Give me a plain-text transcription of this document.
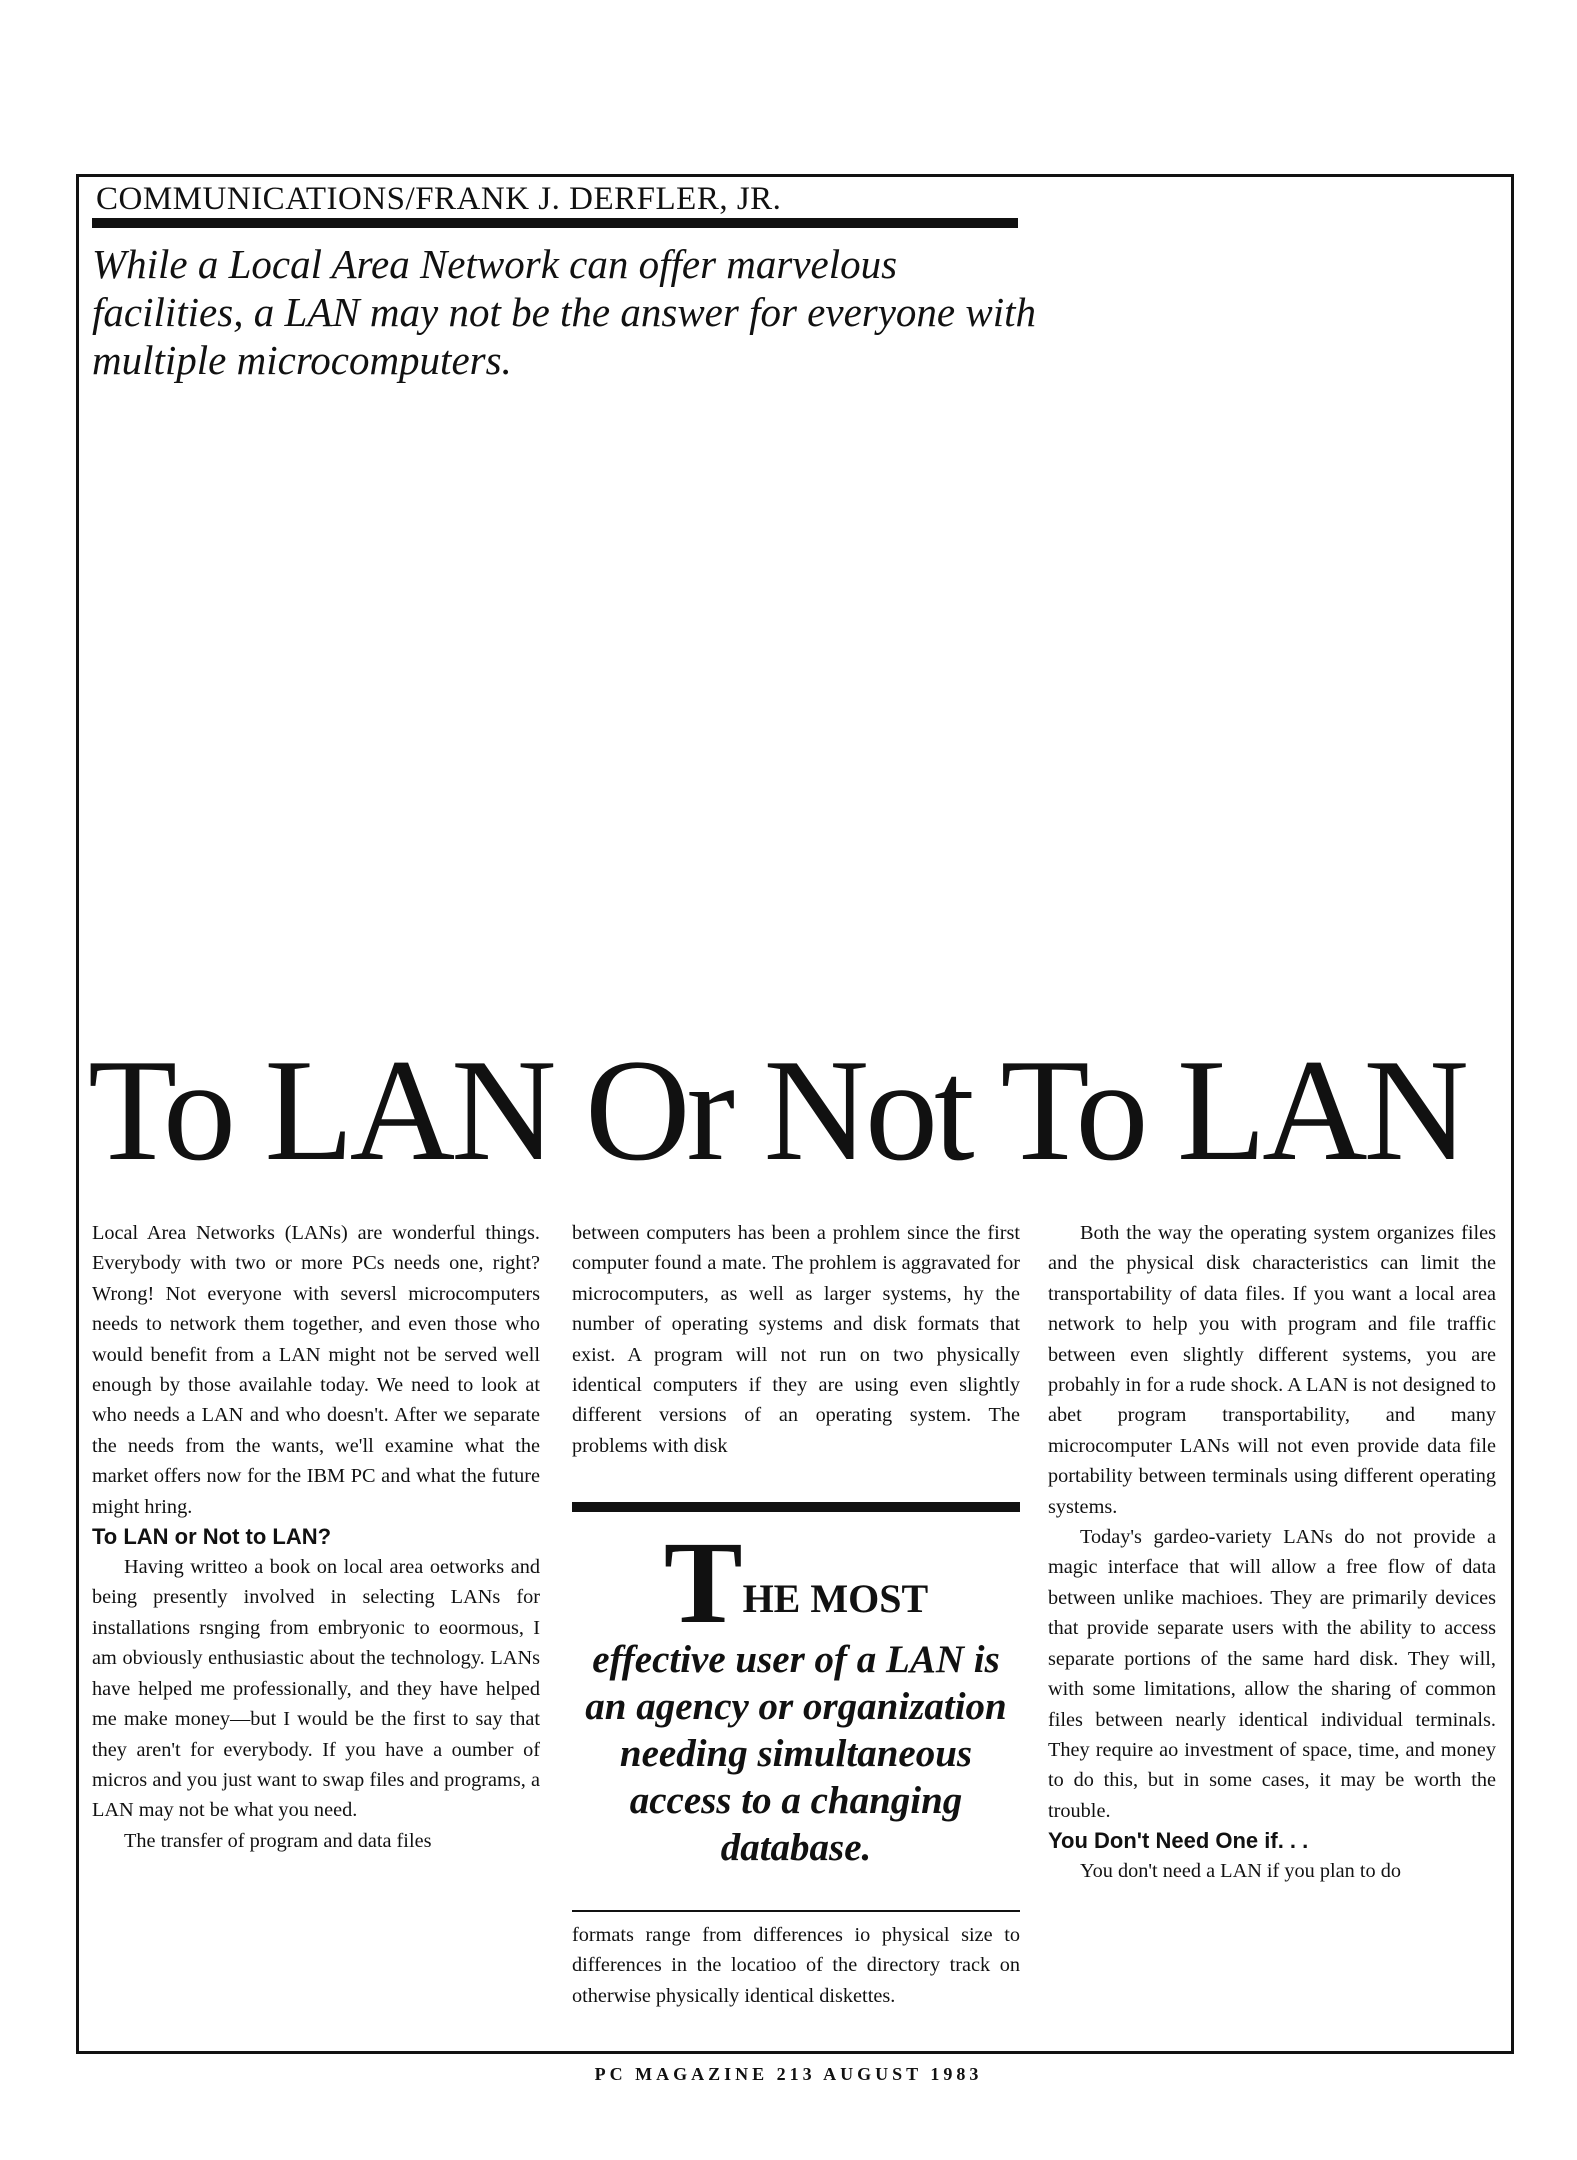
COMMUNICATIONS/FRANK J. DERFLER, JR.
While a Local Area Network can offer marvelous facilities, a LAN may not be the answer for everyone with multiple microcomputers.
To LAN Or Not To LAN

Local Area Networks (LANs) are wonderful things. Everybody with two or more PCs needs one, right? Wrong! Not everyone with seversl microcomputers needs to network them together, and even those who would benefit from a LAN might not be served well enough by those availahle today. We need to look at who needs a LAN and who doesn't. After we separate the needs from the wants, we'll examine what the market offers now for the IBM PC and what the future might hring.

To LAN or Not to LAN?

Having writteo a book on local area oetworks and being presently involved in selecting LANs for installations rsnging from embryonic to eoormous, I am obviously enthusiastic about the technology. LANs have helped me professionally, and they have helped me make money—but I would be the first to say that they aren't for everybody. If you have a oumber of micros and you just want to swap files and programs, a LAN may not be what you need.

The transfer of program and data files

between computers has been a prohlem since the first computer found a mate. The prohlem is aggravated for microcomputers, as well as larger systems, hy the number of operating systems and disk formats that exist. A program will not run on two physically identical computers if they are using even slightly different versions of an operating system. The problems with disk

THE MOST
effective user of a LAN is an agency or organization needing simultaneous access to a changing database.

formats range from differences io physical size to differences in the locatioo of the directory track on otherwise physically identical diskettes.

Both the way the operating system organizes files and the physical disk characteristics can limit the transportability of data files. If you want a local area network to help you with program and file traffic between even slightly different systems, you are probahly in for a rude shock. A LAN is not designed to abet program transportability, and many microcomputer LANs will not even provide data file portability between terminals using different operating systems.

Today's gardeo-variety LANs do not provide a magic interface that will allow a free flow of data between unlike machioes. They are primarily devices that provide separate users with the ability to access separate portions of the same hard disk. They will, with some limitations, allow the sharing of common files between nearly identical individual terminals. They require ao investment of space, time, and money to do this, but in some cases, it may be worth the trouble.

You Don't Need One if. . .

You don't need a LAN if you plan to do

PC MAGAZINE 213 AUGUST 1983
